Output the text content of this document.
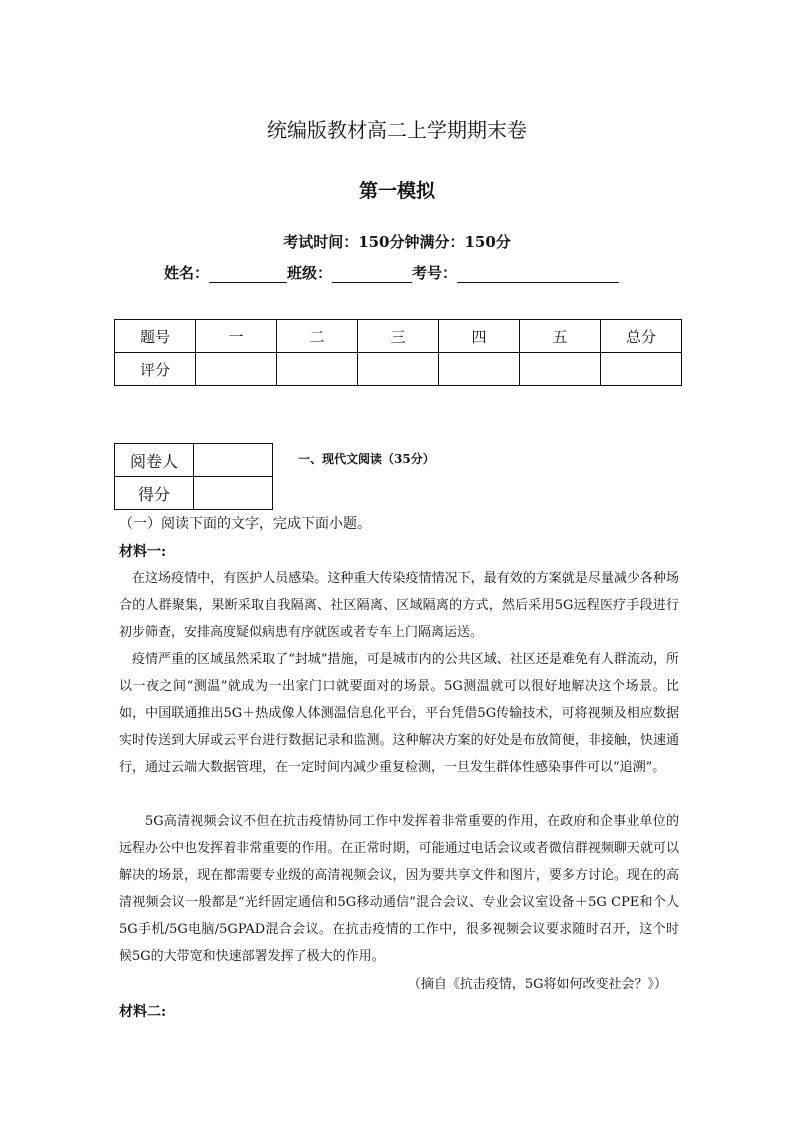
统编版教材高二上学期期末卷
第一模拟
考试时间：150分钟满分：150分
姓名：	班级：	考号：
题号	一	二	三	四	五	总分
评分						
阅卷人	
得分	
一、现代文阅读（35分）
（一）阅读下面的文字，完成下面小题。
材料一:

在这场疫情中，有医护人员感染。这种重大传染疫情情况下，最有效的方案就是尽量减少各种场合的人群聚集，果断采取自我隔离、社区隔离、区域隔离的方式，然后采用5G远程医疗手段进行初步筛查，安排高度疑似病患有序就医或者专车上门隔离运送。

疫情严重的区域虽然采取了“封城”措施，可是城市内的公共区域、社区还是难免有人群流动，所以一夜之间“测温”就成为一出家门口就要面对的场景。5G测温就可以很好地解决这个场景。比如，中国联通推出5G＋热成像人体测温信息化平台，平台凭借5G传输技术，可将视频及相应数据实时传送到大屏或云平台进行数据记录和监测。这种解决方案的好处是布放简便，非接触，快速通行，通过云端大数据管理，在一定时间内减少重复检测，一旦发生群体性感染事件可以“追溯”。

5G高清视频会议不但在抗击疫情协同工作中发挥着非常重要的作用，在政府和企事业单位的远程办公中也发挥着非常重要的作用。在正常时期，可能通过电话会议或者微信群视频聊天就可以解决的场景，现在都需要专业级的高清视频会议，因为要共享文件和图片，要多方讨论。现在的高清视频会议一般都是“光纤固定通信和5G移动通信”混合会议、专业会议室设备＋5G CPE和个人5G手机/5G电脑/5GPAD混合会议。在抗击疫情的工作中，很多视频会议要求随时召开，这个时候5G的大带宽和快速部署发挥了极大的作用。

（摘自《抗击疫情，5G将如何改变社会？》）
材料二:
